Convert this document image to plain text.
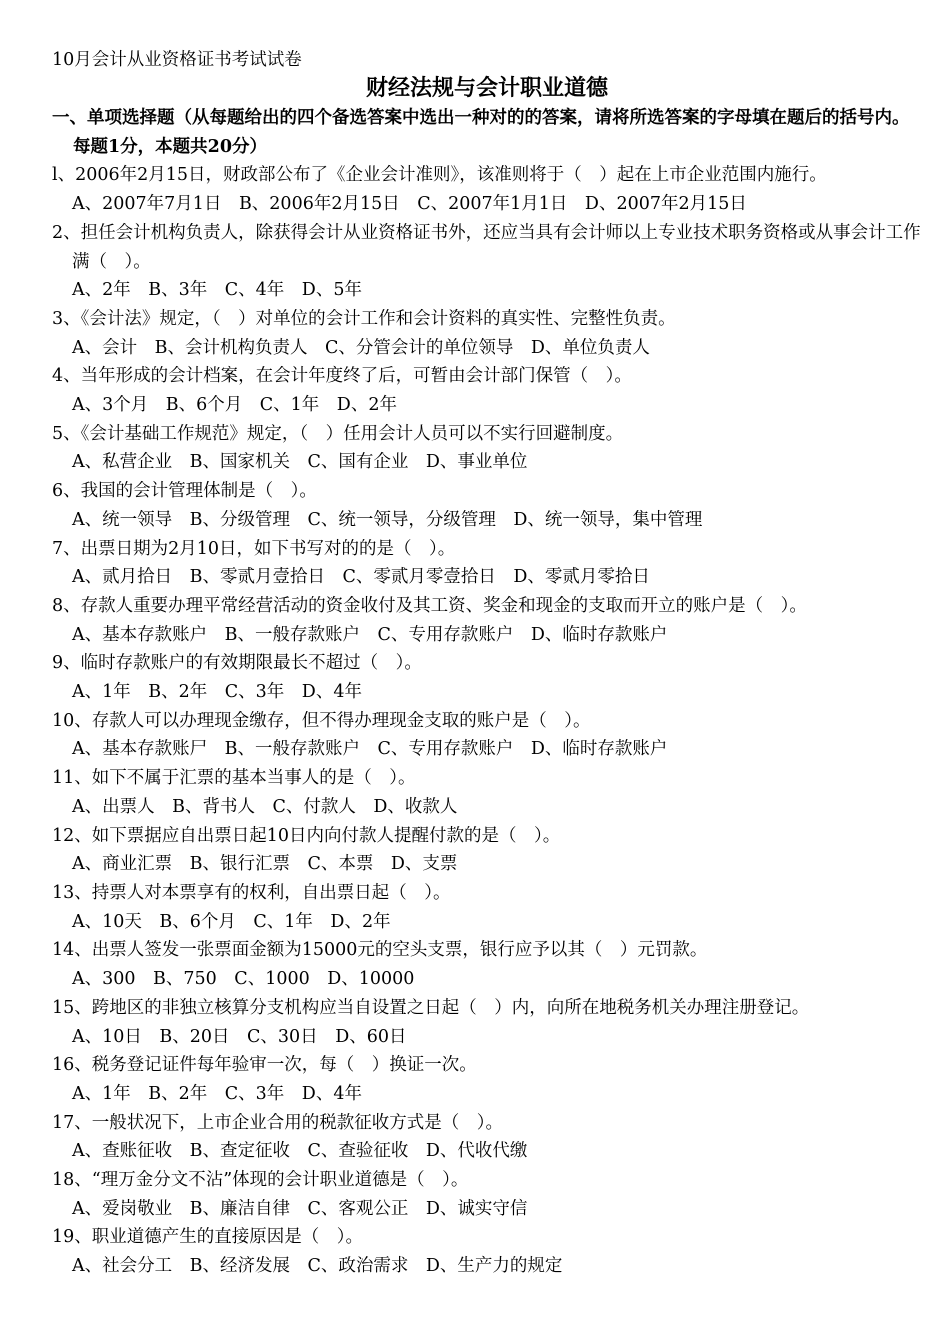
10月会计从业资格证书考试试卷
财经法规与会计职业道德
一、单项选择题（从每题给出的四个备选答案中选出一种对的的答案，请将所选答案的字母填在题后的括号内。每题1分，本题共20分）
l、2006年2月15日，财政部公布了《企业会计准则》，该准则将于（　）起在上市企业范围内施行。
A、2007年7月1日　B、2006年2月15日　C、2007年1月1日　D、2007年2月15日
2、担任会计机构负责人，除获得会计从业资格证书外，还应当具有会计师以上专业技术职务资格或从事会计工作满（　）。
A、2年　B、3年　C、4年　D、5年
3、《会计法》规定，（　）对单位的会计工作和会计资料的真实性、完整性负责。
A、会计　B、会计机构负责人　C、分管会计的单位领导　D、单位负责人
4、当年形成的会计档案，在会计年度终了后，可暂由会计部门保管（　）。
A、3个月　B、6个月　C、1年　D、2年
5、《会计基础工作规范》规定，（　）任用会计人员可以不实行回避制度。
A、私营企业　B、国家机关　C、国有企业　D、事业单位
6、我国的会计管理体制是（　）。
A、统一领导　B、分级管理　C、统一领导，分级管理　D、统一领导，集中管理
7、出票日期为2月10日，如下书写对的的是（　）。
A、贰月拾日　B、零贰月壹拾日　C、零贰月零壹拾日　D、零贰月零拾日
8、存款人重要办理平常经营活动的资金收付及其工资、奖金和现金的支取而开立的账户是（　）。
A、基本存款账户　B、一般存款账户　C、专用存款账户　D、临时存款账户
9、临时存款账户的有效期限最长不超过（　）。
A、1年　B、2年　C、3年　D、4年
10、存款人可以办理现金缴存，但不得办理现金支取的账户是（　）。
A、基本存款账尸　B、一般存款账户　C、专用存款账户　D、临时存款账户
11、如下不属于汇票的基本当事人的是（　）。
A、出票人　B、背书人　C、付款人　D、收款人
12、如下票据应自出票日起10日内向付款人提醒付款的是（　）。
A、商业汇票　B、银行汇票　C、本票　D、支票
13、持票人对本票享有的权利，自出票日起（　）。
A、10天　B、6个月　C、1年　D、2年
14、出票人签发一张票面金额为15000元的空头支票，银行应予以其（　）元罚款。
A、300　B、750　C、1000　D、10000
15、跨地区的非独立核算分支机构应当自设置之日起（　）内，向所在地税务机关办理注册登记。
A、10日　B、20日　C、30日　D、60日
16、税务登记证件每年验审一次，每（　）换证一次。
A、1年　B、2年　C、3年　D、4年
17、一般状况下，上市企业合用的税款征收方式是（　）。
A、查账征收　B、查定征收　C、查验征收　D、代收代缴
18、“理万金分文不沾”体现的会计职业道德是（　）。
A、爱岗敬业　B、廉洁自律　C、客观公正　D、诚实守信
19、职业道德产生的直接原因是（　）。
A、社会分工　B、经济发展　C、政治需求　D、生产力的规定
